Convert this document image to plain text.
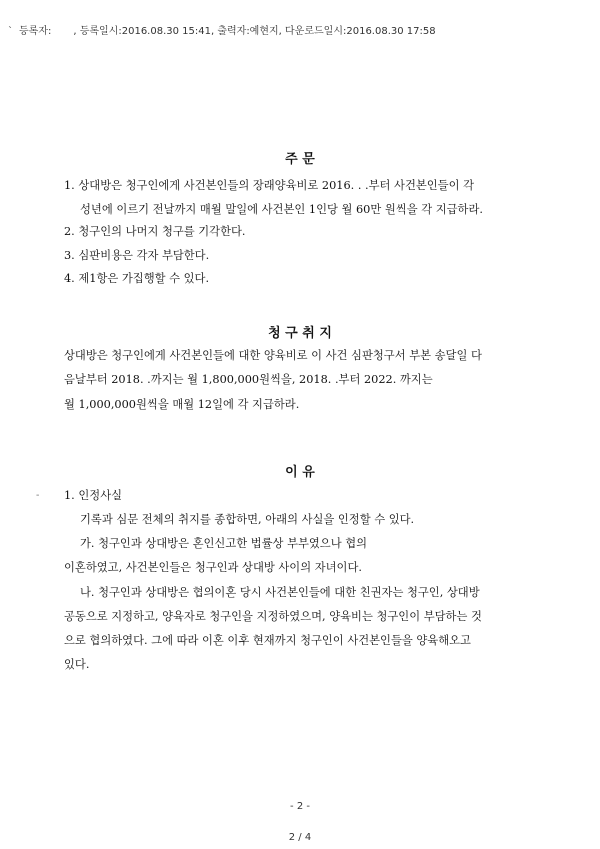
ˋ 등록자: , 등록일시:2016.08.30 15:41, 출력자:예현지, 다운로드일시:2016.08.30 17:58
주 문
1. 상대방은 청구인에게 사건본인들의 장래양육비로 2016. . .부터 사건본인들이 각
성년에 이르기 전날까지 매월 말일에 사건본인 1인당 월 60만 원씩을 각 지급하라.
2. 청구인의 나머지 청구를 기각한다.
3. 심판비용은 각자 부담한다.
4. 제1항은 가집행할 수 있다.
청 구 취 지
상대방은 청구인에게 사건본인들에 대한 양육비로 이 사건 심판청구서 부본 송달일 다
음날부터 2018. .까지는 월 1,800,000원씩을, 2018. .부터 2022. 까지는
월 1,000,000원씩을 매월 12일에 각 지급하라.
이 유
- 1. 인정사실
기록과 심문 전체의 취지를 종합하면, 아래의 사실을 인정할 수 있다.
가. 청구인과 상대방은 혼인신고한 법률상 부부였으나 협의
이혼하였고, 사건본인들은 청구인과 상대방 사이의 자녀이다.
나. 청구인과 상대방은 협의이혼 당시 사건본인들에 대한 친권자는 청구인, 상대방
공동으로 지정하고, 양육자로 청구인을 지정하였으며, 양육비는 청구인이 부담하는 것
으로 협의하였다. 그에 따라 이혼 이후 현재까지 청구인이 사건본인들을 양육해오고
있다.
- 2 -
2 / 4
